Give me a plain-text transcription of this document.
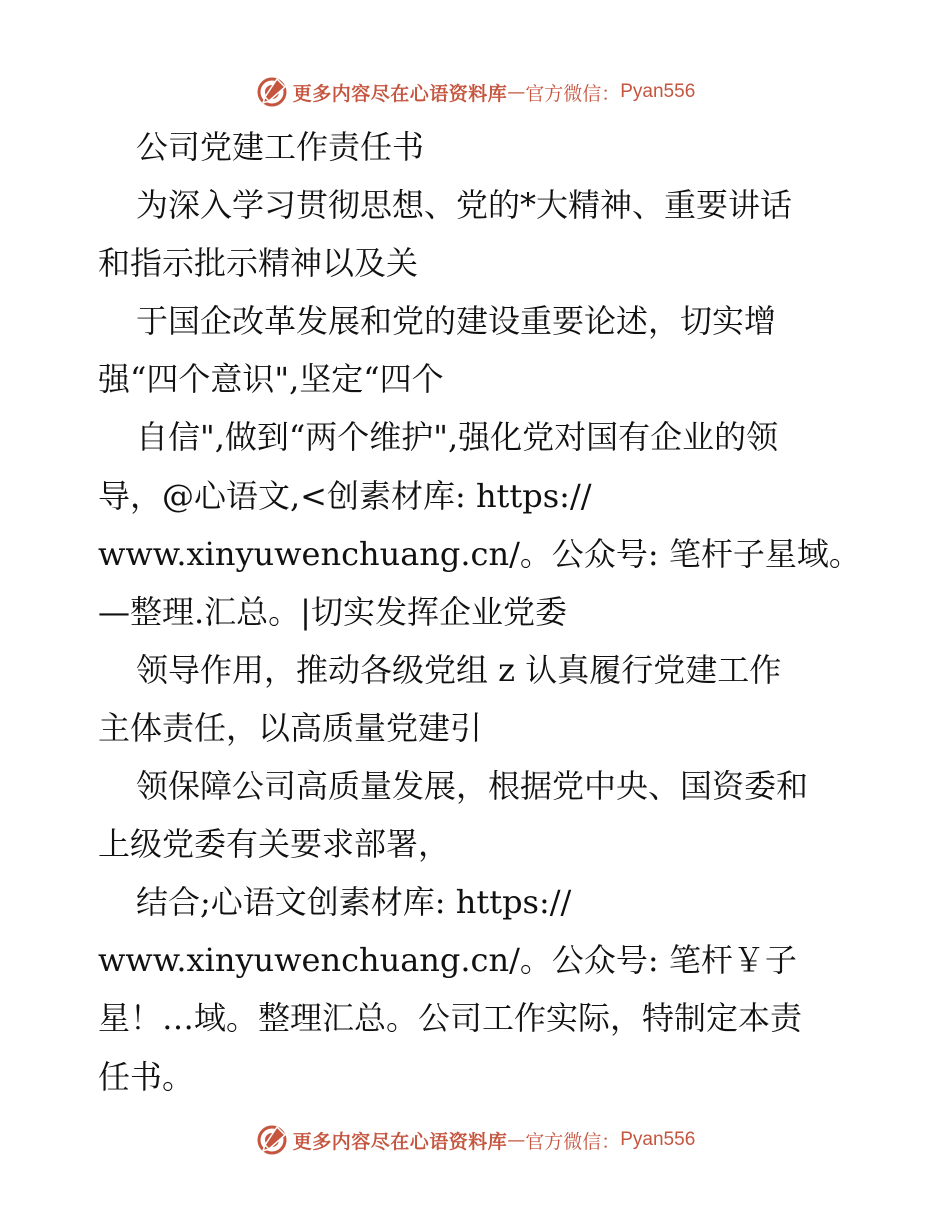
更多内容尽在心语资料库 — 官方微信： Pyan556
公司党建工作责任书
为深入学习贯彻思想、党的*大精神、重要讲话
和指示批示精神以及关
于国企改革发展和党的建设重要论述，切实增
强“四个意识",坚定“四个
自信",做到“两个维护",强化党对国有企业的领
导，@心语文,<创素材库: https://
www.xinyuwenchuang.cn/。公众号: 笔杆子星域。
—整理.汇总。|切实发挥企业党委
领导作用，推动各级党组 z 认真履行党建工作
主体责任，以高质量党建引
领保障公司高质量发展，根据党中央、国资委和
上级党委有关要求部署，
结合;心语文创素材库: https://
www.xinyuwenchuang.cn/。公众号: 笔杆￥子
星！…域。整理汇总。公司工作实际，特制定本责
任书。
更多内容尽在心语资料库 — 官方微信： Pyan556
